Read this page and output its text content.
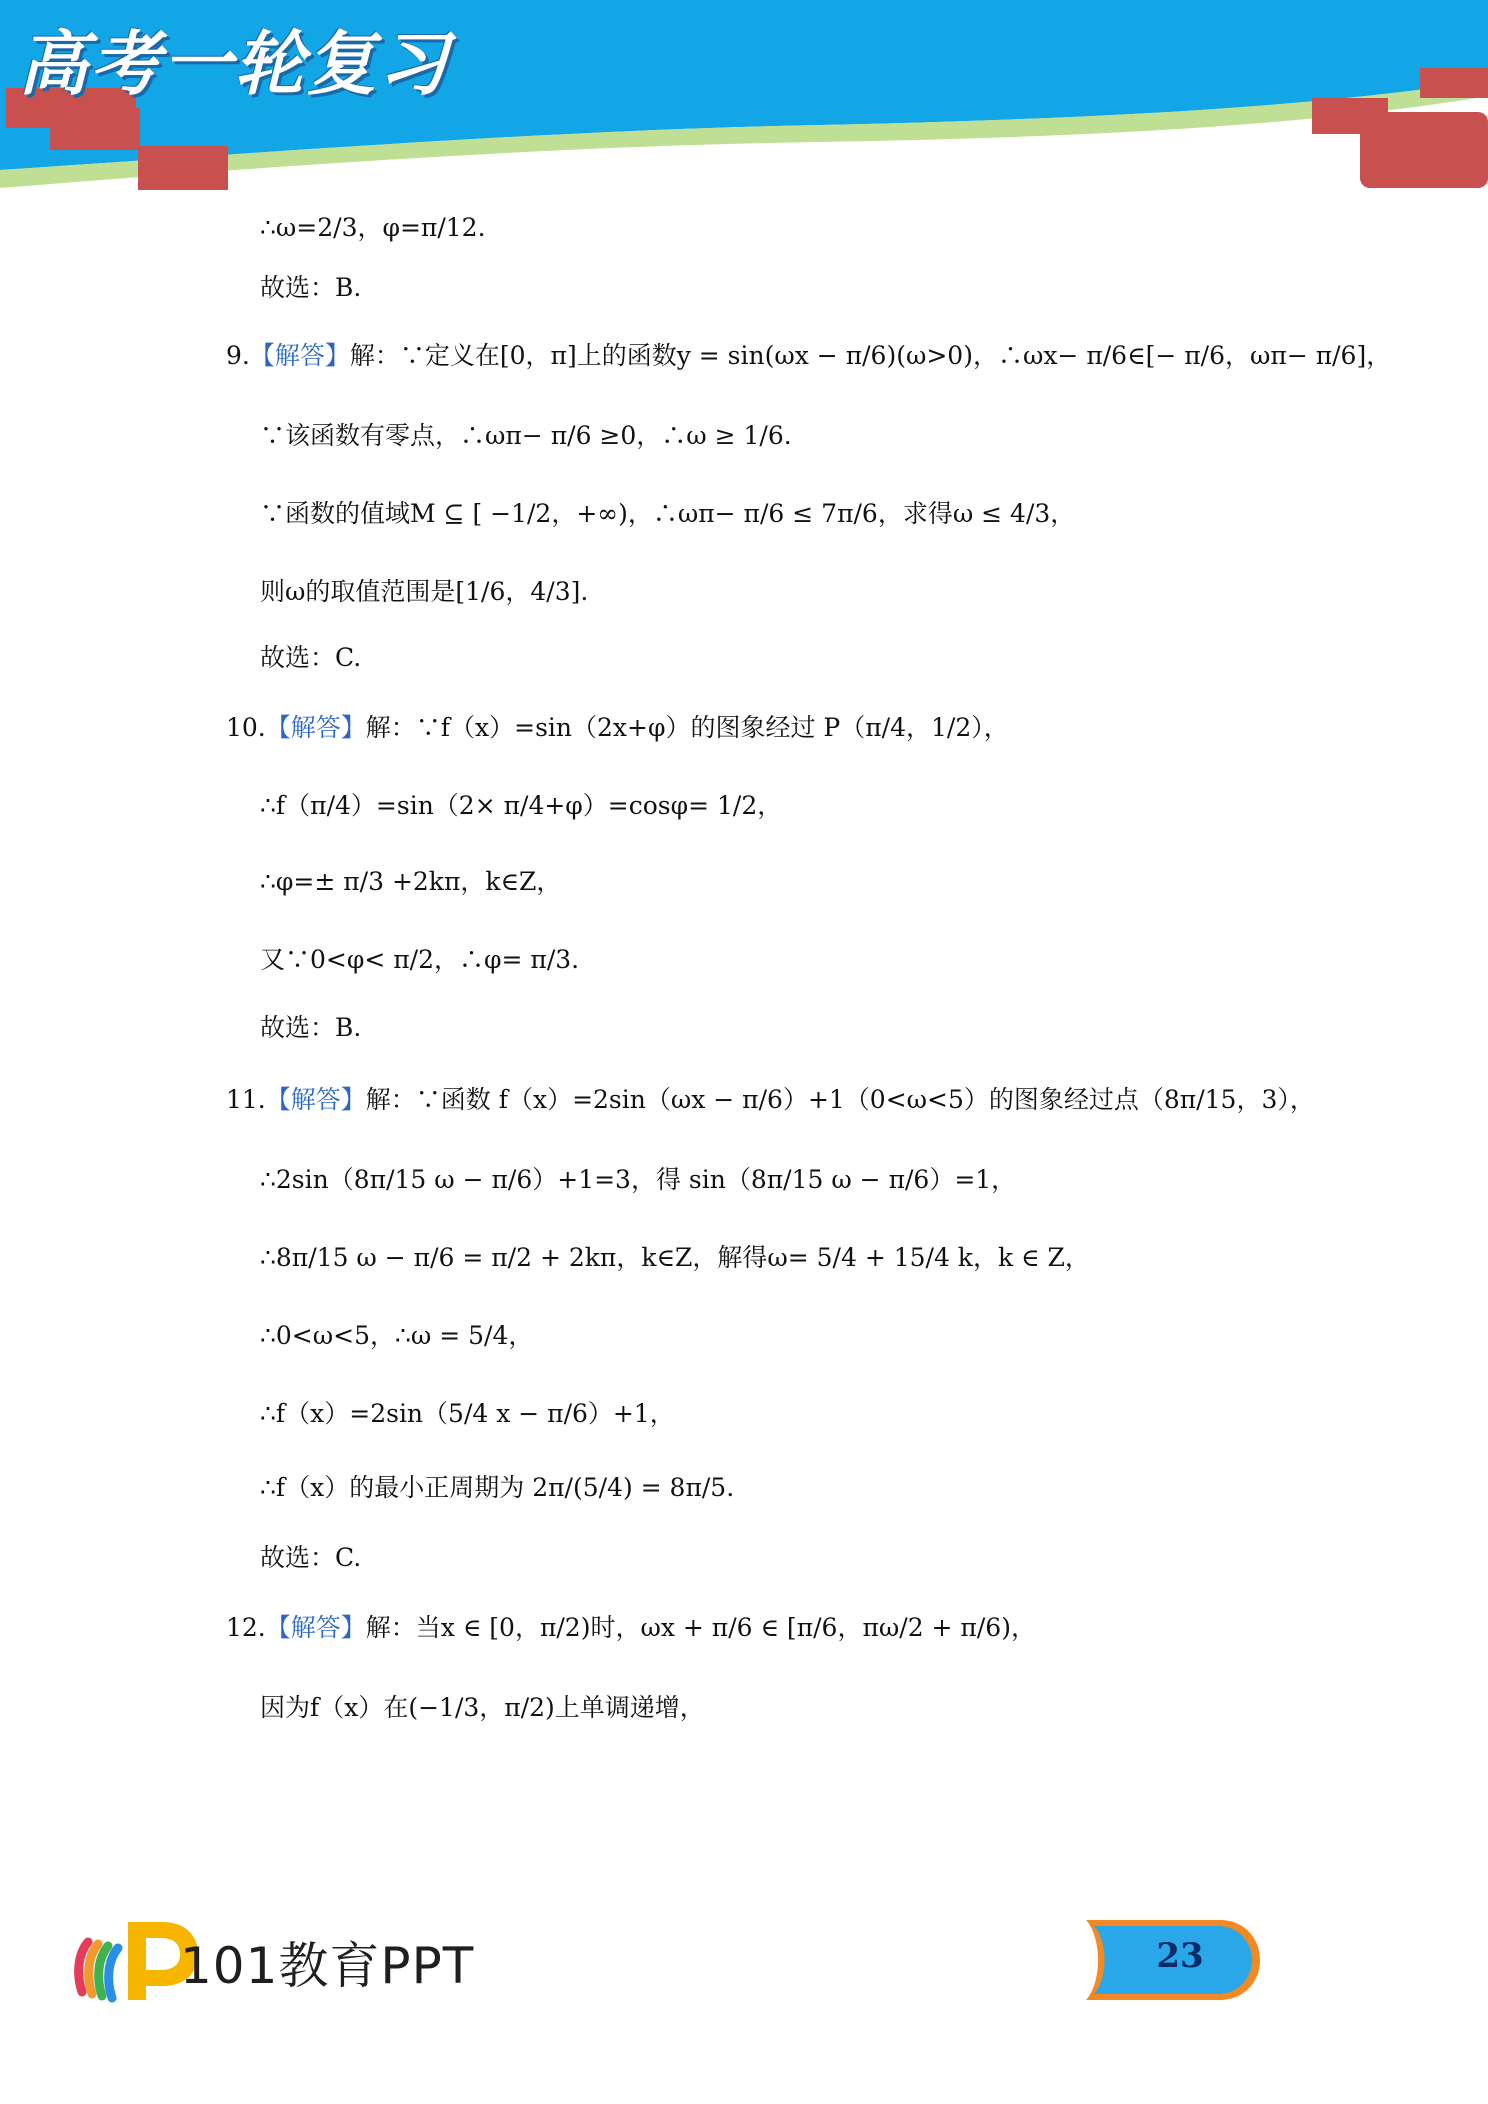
高考一轮复习
∴ω=2/3，φ=π/12.
故选：B.
9.【解答】解：∵定义在[0，π]上的函数y = sin(ωx − π/6)(ω>0)，∴ωx− π/6∈[− π/6，ωπ− π/6]，
∵该函数有零点，∴ωπ− π/6 ≥0，∴ω ≥ 1/6.
∵函数的值域M ⊆ [ −1/2，+∞)，∴ωπ− π/6 ≤ 7π/6，求得ω ≤ 4/3，
则ω的取值范围是[1/6，4/3].
故选：C.
10.【解答】解：∵f（x）=sin（2x+φ）的图象经过 P（π/4，1/2），
∴f（π/4）=sin（2× π/4+φ）=cosφ= 1/2，
∴φ=± π/3 +2kπ，k∈Z，
又∵0<φ< π/2，∴φ= π/3.
故选：B.
11.【解答】解：∵函数 f（x）=2sin（ωx − π/6）+1（0<ω<5）的图象经过点（8π/15，3），
∴2sin（8π/15 ω − π/6）+1=3，得 sin（8π/15 ω − π/6）=1，
∴8π/15 ω − π/6 = π/2 + 2kπ，k∈Z，解得ω= 5/4 + 15/4 k，k ∈ Z，
∴0<ω<5，∴ω = 5/4，
∴f（x）=2sin（5/4 x − π/6）+1，
∴f（x）的最小正周期为 2π/(5/4) = 8π/5.
故选：C.
12.【解答】解：当x ∈ [0，π/2)时，ωx + π/6 ∈ [π/6，πω/2 + π/6)，
因为f（x）在(−1/3，π/2)上单调递增，
101教育PPT	23
